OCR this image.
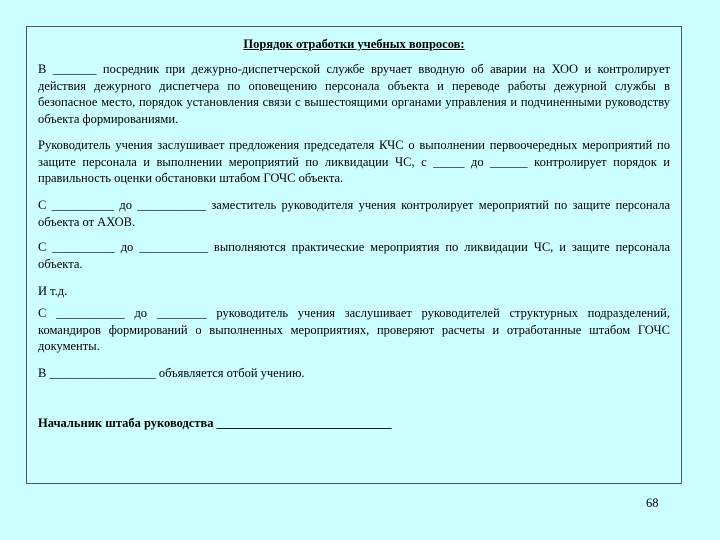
Порядок отработки учебных вопросов:
В _______ посредник при дежурно-диспетчерской службе вручает вводную об аварии на ХОО и контролирует действия дежурного диспетчера по оповещению персонала объекта и переводе работы дежурной службы в безопасное место, порядок установления связи с вышестоящими органами управления и подчиненными руководству объекта формированиями.
Руководитель учения заслушивает предложения председателя КЧС о выполнении первоочередных мероприятий по защите персонала и выполнении мероприятий по ликвидации ЧС, с _____ до ______ контролирует порядок и правильность оценки обстановки штабом ГОЧС объекта.
С __________ до ___________ заместитель руководителя учения контролирует мероприятий по защите персонала объекта от АХОВ.
С __________ до ___________ выполняются практические мероприятия по ликвидации ЧС, и защите персонала объекта.
И т.д.
С ___________ до ________ руководитель учения заслушивает руководителей структурных подразделений, командиров формирований о выполненных мероприятиях, проверяют расчеты и отработанные штабом ГОЧС документы.
В _________________ объявляется отбой учению.
Начальник штаба руководства ____________________________
68
